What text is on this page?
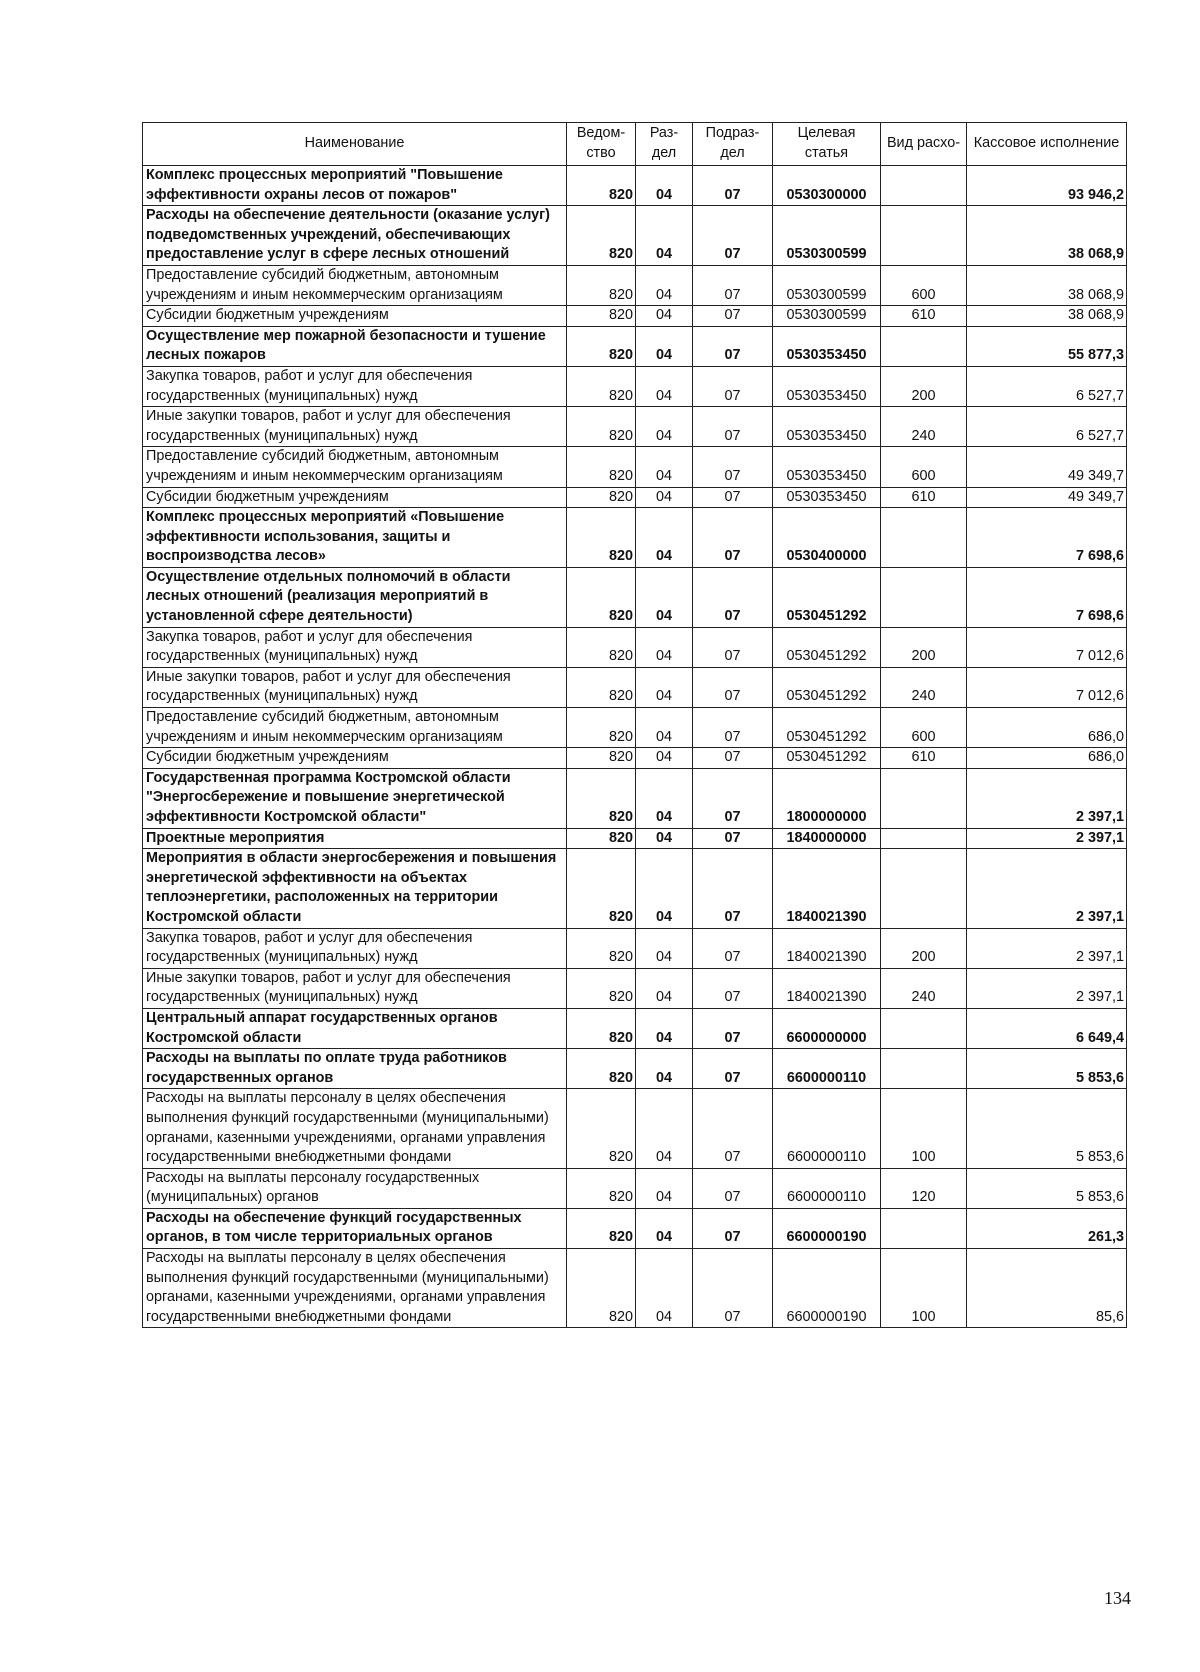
Наименование	Ведом-ство	Раз-дел	Подраз-дел	Целевая статья	Вид расхо-	Кассовое исполнение
Комплекс процессных мероприятий "Повышение эффективности охраны лесов от пожаров"	820	04	07	0530300000		93 946,2
Расходы на обеспечение деятельности (оказание услуг) подведомственных учреждений, обеспечивающих предоставление услуг в сфере лесных отношений	820	04	07	0530300599		38 068,9
Предоставление субсидий бюджетным, автономным учреждениям и иным некоммерческим организациям	820	04	07	0530300599	600	38 068,9
Субсидии бюджетным учреждениям	820	04	07	0530300599	610	38 068,9
Осуществление мер пожарной безопасности и тушение лесных пожаров	820	04	07	0530353450		55 877,3
Закупка товаров, работ и услуг для обеспечения государственных (муниципальных) нужд	820	04	07	0530353450	200	6 527,7
Иные закупки товаров, работ и услуг для обеспечения государственных (муниципальных) нужд	820	04	07	0530353450	240	6 527,7
Предоставление субсидий бюджетным, автономным учреждениям и иным некоммерческим организациям	820	04	07	0530353450	600	49 349,7
Субсидии бюджетным учреждениям	820	04	07	0530353450	610	49 349,7
Комплекс процессных мероприятий «Повышение эффективности использования, защиты и воспроизводства лесов»	820	04	07	0530400000		7 698,6
Осуществление отдельных полномочий в области лесных отношений (реализация мероприятий в установленной сфере деятельности)	820	04	07	0530451292		7 698,6
Закупка товаров, работ и услуг для обеспечения государственных (муниципальных) нужд	820	04	07	0530451292	200	7 012,6
Иные закупки товаров, работ и услуг для обеспечения государственных (муниципальных) нужд	820	04	07	0530451292	240	7 012,6
Предоставление субсидий бюджетным, автономным учреждениям и иным некоммерческим организациям	820	04	07	0530451292	600	686,0
Субсидии бюджетным учреждениям	820	04	07	0530451292	610	686,0
Государственная программа Костромской области "Энергосбережение и повышение энергетической эффективности Костромской области"	820	04	07	1800000000		2 397,1
Проектные мероприятия	820	04	07	1840000000		2 397,1
Мероприятия в области энергосбережения и повышения энергетической эффективности на объектах теплоэнергетики, расположенных на территории Костромской области	820	04	07	1840021390		2 397,1
Закупка товаров, работ и услуг для обеспечения государственных (муниципальных) нужд	820	04	07	1840021390	200	2 397,1
Иные закупки товаров, работ и услуг для обеспечения государственных (муниципальных) нужд	820	04	07	1840021390	240	2 397,1
Центральный аппарат государственных органов Костромской области	820	04	07	6600000000		6 649,4
Расходы на выплаты по оплате труда работников государственных органов	820	04	07	6600000110		5 853,6
Расходы на выплаты персоналу в целях обеспечения выполнения функций государственными (муниципальными) органами, казенными учреждениями, органами управления государственными внебюджетными фондами	820	04	07	6600000110	100	5 853,6
Расходы на выплаты персоналу государственных (муниципальных) органов	820	04	07	6600000110	120	5 853,6
Расходы на обеспечение функций государственных органов, в том числе территориальных органов	820	04	07	6600000190		261,3
Расходы на выплаты персоналу в целях обеспечения выполнения функций государственными (муниципальными) органами, казенными учреждениями, органами управления государственными внебюджетными фондами	820	04	07	6600000190	100	85,6
134
